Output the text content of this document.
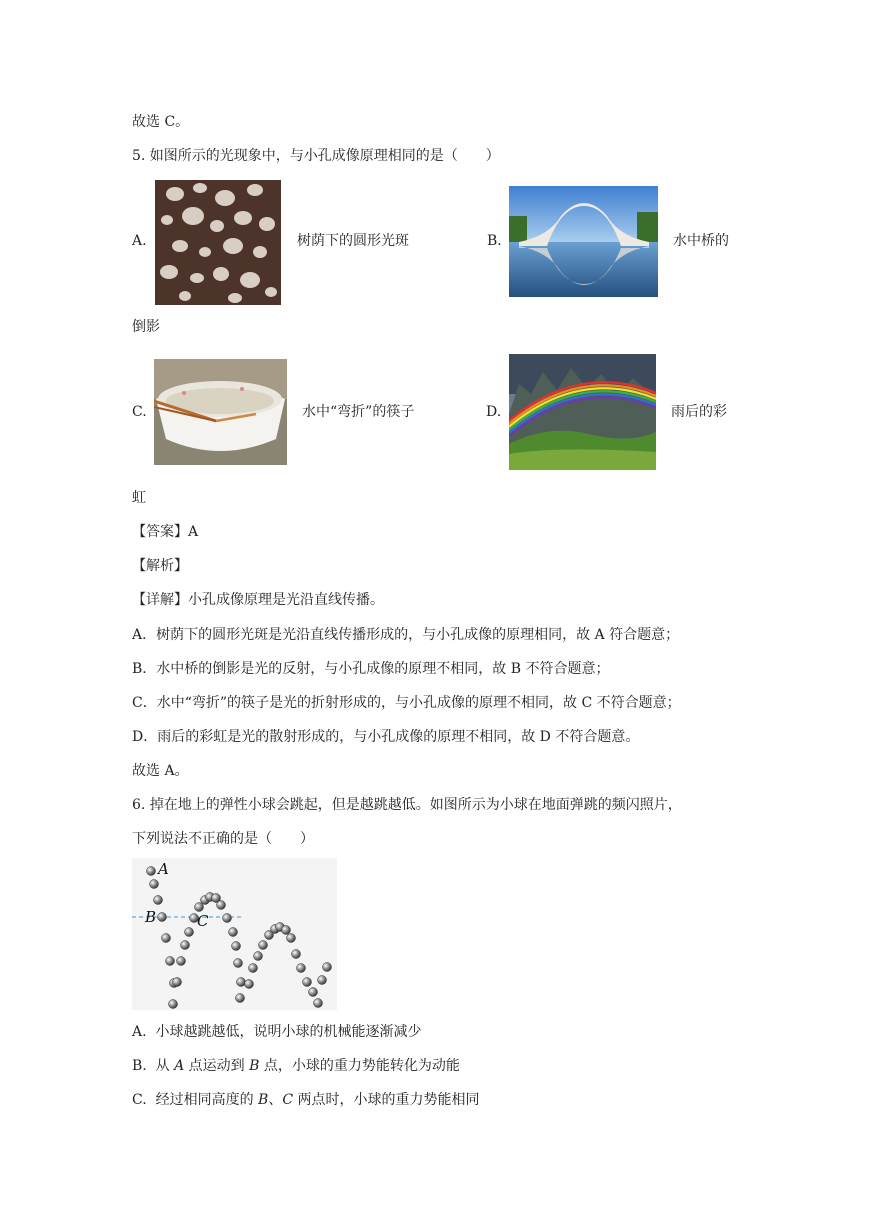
故选 C。
5. 如图所示的光现象中，与小孔成像原理相同的是（　　）
A.	树荫下的圆形光斑	B.	水中桥的
倒影
C.	水中“弯折”的筷子	D.	雨后的彩
虹
【答案】A
【解析】
【详解】小孔成像原理是光沿直线传播。
A．树荫下的圆形光斑是光沿直线传播形成的，与小孔成像的原理相同，故 A 符合题意；
B．水中桥的倒影是光的反射，与小孔成像的原理不相同，故 B 不符合题意；
C．水中“弯折”的筷子是光的折射形成的，与小孔成像的原理不相同，故 C 不符合题意；
D．雨后的彩虹是光的散射形成的，与小孔成像的原理不相同，故 D 不符合题意。
故选 A。
6. 掉在地上的弹性小球会跳起，但是越跳越低。如图所示为小球在地面弹跳的频闪照片，
下列说法不正确的是（　　）
A
B	C
A. 小球越跳越低，说明小球的机械能逐渐减少
B. 从 A 点运动到 B 点，小球的重力势能转化为动能
C. 经过相同高度的 B、C 两点时，小球的重力势能相同
